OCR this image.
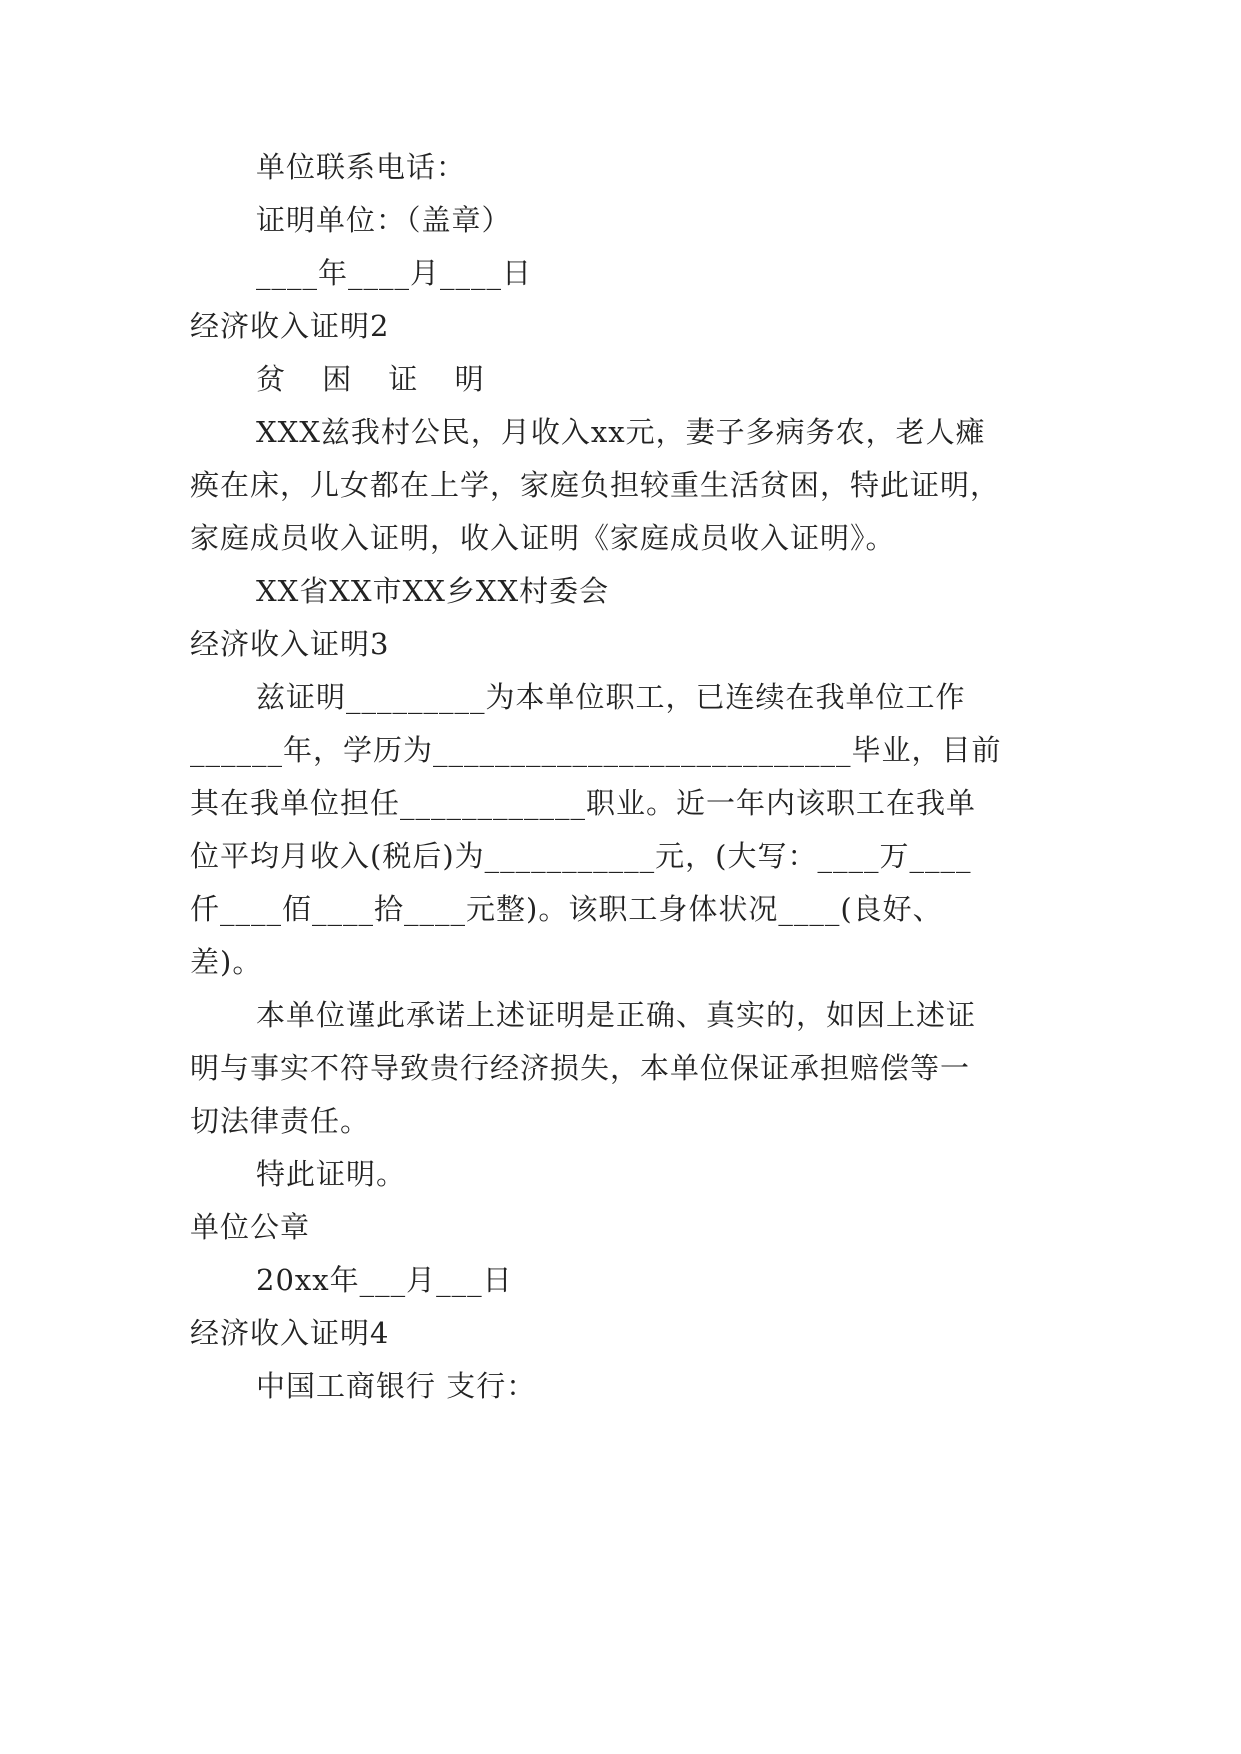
单位联系电话：
证明单位：（盖章）
____年____月____日
经济收入证明2
贫 困 证 明
XXX兹我村公民，月收入xx元，妻子多病务农，老人瘫
痪在床，儿女都在上学，家庭负担较重生活贫困，特此证明，
家庭成员收入证明，收入证明《家庭成员收入证明》。
XX省XX市XX乡XX村委会
经济收入证明3
兹证明_________为本单位职工，已连续在我单位工作
______年，学历为___________________________毕业，目前
其在我单位担任____________职业。近一年内该职工在我单
位平均月收入(税后)为___________元，(大写：____万____
仟____佰____拾____元整)。该职工身体状况____(良好、
差)。
本单位谨此承诺上述证明是正确、真实的，如因上述证
明与事实不符导致贵行经济损失，本单位保证承担赔偿等一
切法律责任。
特此证明。
单位公章
20xx年___月___日
经济收入证明4
中国工商银行 支行：
